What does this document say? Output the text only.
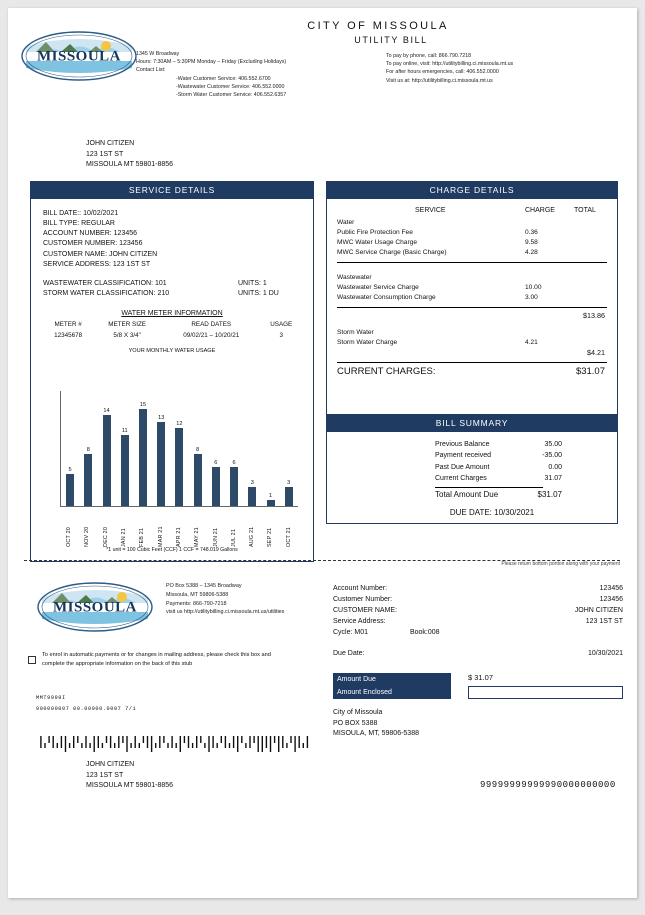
MISSOULA
CITY OF MISSOULA
UTILITY BILL
1345 W Broadway
Hours: 7:30AM – 5:30PM Monday – Friday (Excluding Holidays)
Contact List:
-Water Customer Service: 406.552.6700
-Wastewater Customer Service: 406.552.0000
-Storm Water Customer Service: 406.552.6357
To pay by phone, call: 866.790.7218
To pay online, visit: http://utilitybilling.ci.missoula.mt.us
For after hours emergencies, call: 406.552.0000
Visit us at: http://utilitybilling.ci.missoula.mt.us
JOHN CITIZEN
123 1ST ST
MISSOULA MT 59801-8856
SERVICE DETAILS
BILL DATE:: 10/02/2021
BILL TYPE: REGULAR
ACCOUNT NUMBER: 123456
CUSTOMER NUMBER: 123456
CUSTOMER NAME: JOHN CITIZEN
SERVICE ADDRESS: 123 1ST ST
WASTEWATER CLASSIFICATION: 101	UNITS: 1
STORM WATER CLASSIFICATION: 210	UNITS: 1 DU
WATER METER INFORMATION
METER #	METER SIZE	READ DATES	USAGE
12345678	5/8 X 3/4"	09/02/21 – 10/20/21	3
YOUR MONTHLY WATER USAGE
5
8
14
11
15
13
12
8
6	6
3
1
3
OCT 20 NOV 20 DEC 20 JAN 21 FEB 21 MAR 21 APR 21 MAY 21 JUN 21 JUL 21 AUG 21 SEP 21 OCT 21
*1 unit = 100 Cubic Feet (CCF) 1 CCF = 748.019 Gallons
CHARGE DETAILS
SERVICE	CHARGE	TOTAL
Water
Public Fire Protection Fee	0.36
MWC Water Usage Charge	9.58
MWC Service Charge (Basic Charge)	4.28
Wastewater
Wastewater Service Charge	10.00
Wastewater Consumption Charge	3.00
$13.86
Storm Water
Storm Water Charge	4.21
$4.21
CURRENT CHARGES:	$31.07
BILL SUMMARY
Previous Balance	35.00
Payment received	-35.00
Past Due Amount	0.00
Current Charges	31.07
Total Amount Due	$31.07
DUE DATE: 10/30/2021
Please return bottom portion along with your payment
MISSOULA
PO Box 5388 – 1345 Broadway
Missoula, MT 59806-5388
Payments: 866-790-7218
visit us http://utilitybilling.ci.missoula.mt.us/utilities
Account Number:	123456
Customer Number:	123456
CUSTOMER NAME:	JOHN CITIZEN
Service Address:	123 1ST ST
Cycle: M01	Book:008
Due Date:	10/30/2021
Amount Due
Amount Enclosed
$ 31.07
To enrol in automatic payments or for changes in mailing address, please check this box and complete the appropriate information on the back of this stub
MMT9999I
900000007 00.00000.0007 7/1	City of Missoula
PO BOX 5388
MISOULA, MT, 59806-5388
JOHN CITIZEN
123 1ST ST
MISSOULA MT 59801-8856	99999999999990000000000
